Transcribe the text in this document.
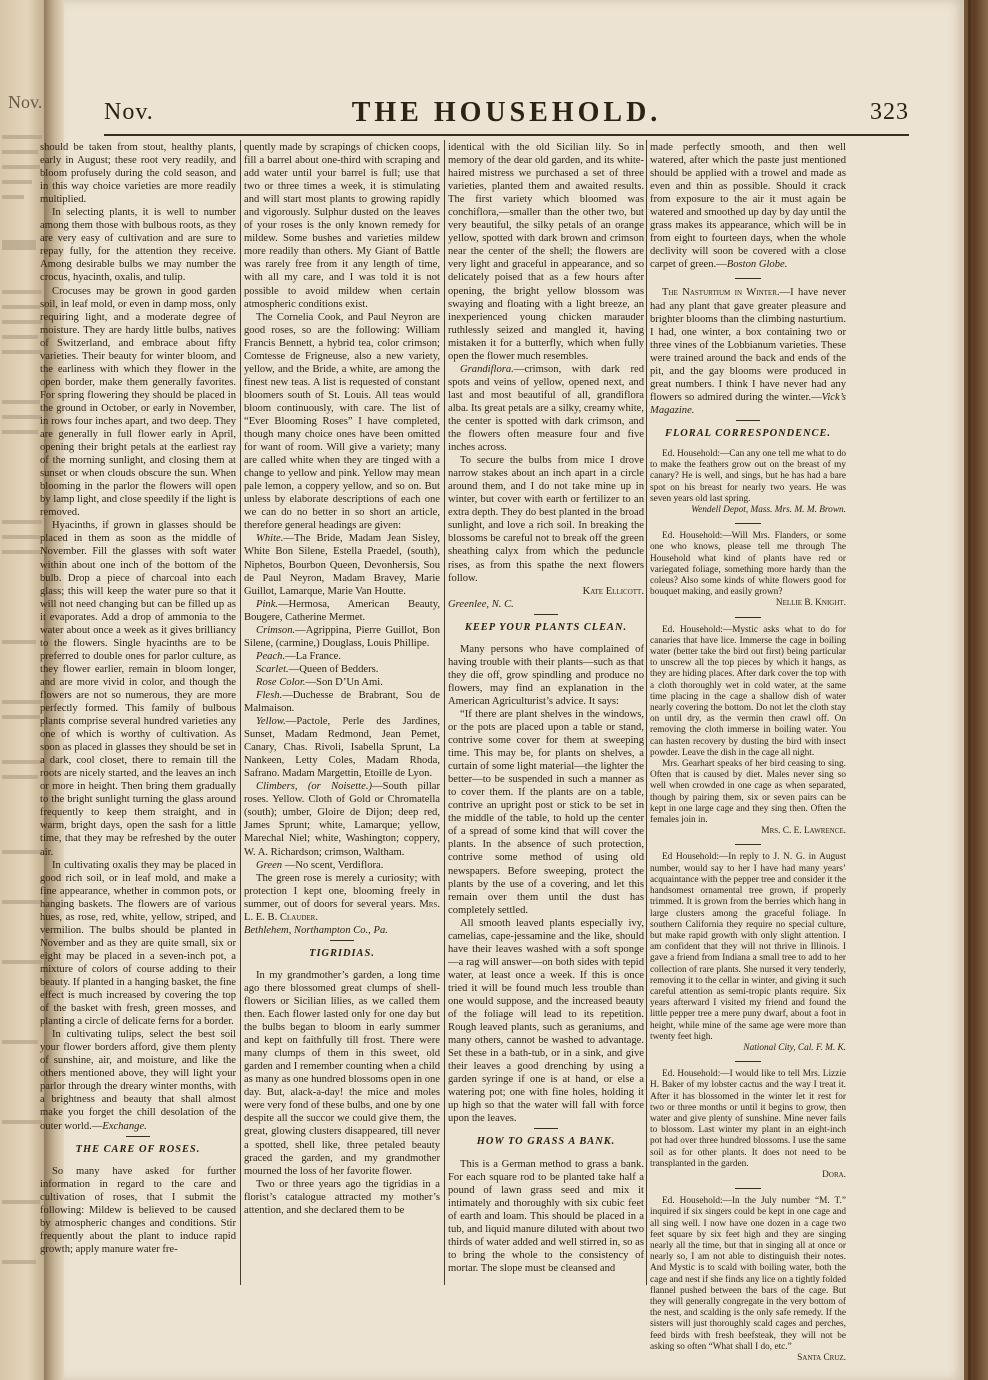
Nov.	Nov.	THE HOUSEHOLD.	323

should be taken from stout, healthy plants, early in August; these root very readily, and bloom profusely during the cold season, and in this way choice varieties are more readily multiplied.

In selecting plants, it is well to number among them those with bulbous roots, as they are very easy of cultivation and are sure to repay fully, for the attention they receive. Among desirable bulbs we may number the crocus, hyacinth, oxalis, and tulip.

Crocuses may be grown in good garden soil, in leaf mold, or even in damp moss, only requiring light, and a moderate degree of moisture. They are hardy little bulbs, natives of Switzerland, and embrace about fifty varieties. Their beauty for winter bloom, and the earliness with which they flower in the open border, make them generally favorites. For spring flowering they should be placed in the ground in October, or early in November, in rows four inches apart, and two deep. They are generally in full flower early in April, opening their bright petals at the earliest ray of the morning sunlight, and closing them at sunset or when clouds obscure the sun. When blooming in the parlor the flowers will open by lamp light, and close speedily if the light is removed.

Hyacinths, if grown in glasses should be placed in them as soon as the middle of November. Fill the glasses with soft water within about one inch of the bottom of the bulb. Drop a piece of charcoal into each glass; this will keep the water pure so that it will not need changing but can be filled up as it evaporates. Add a drop of ammonia to the water about once a week as it gives brilliancy to the flowers. Single hyacinths are to be preferred to double ones for parlor culture, as they flower earlier, remain in bloom longer, and are more vivid in color, and though the flowers are not so numerous, they are more perfectly formed. This family of bulbous plants comprise several hundred varieties any one of which is worthy of cultivation. As soon as placed in glasses they should be set in a dark, cool closet, there to remain till the roots are nicely started, and the leaves an inch or more in height. Then bring them gradually to the bright sunlight turning the glass around frequently to keep them straight, and in warm, bright days, open the sash for a little time, that they may be refreshed by the outer air.

In cultivating oxalis they may be placed in good rich soil, or in leaf mold, and make a fine appearance, whether in common pots, or hanging baskets. The flowers are of various hues, as rose, red, white, yellow, striped, and vermilion. The bulbs should be planted in November and as they are quite small, six or eight may be placed in a seven-inch pot, a mixture of colors of course adding to their beauty. If planted in a hanging basket, the fine effect is much increased by covering the top of the basket with fresh, green mosses, and planting a circle of delicate ferns for a border.

In cultivating tulips, select the best soil your flower borders afford, give them plenty of sunshine, air, and moisture, and like the others mentioned above, they will light your parlor through the dreary winter months, with a brightness and beauty that shall almost make you forget the chill desolation of the outer world.—Exchange.

THE CARE OF ROSES.

So many have asked for further information in regard to the care and cultivation of roses, that I submit the following: Mildew is believed to be caused by atmospheric changes and conditions. Stir frequently about the plant to induce rapid growth; apply manure water fre-

quently made by scrapings of chicken coops, fill a barrel about one-third with scraping and add water until your barrel is full; use that two or three times a week, it is stimulating and will start most plants to growing rapidly and vigorously. Sulphur dusted on the leaves of your roses is the only known remedy for mildew. Some bushes and varieties mildew more readily than others. My Giant of Battle was rarely free from it any length of time, with all my care, and I was told it is not possible to avoid mildew when certain atmospheric conditions exist.

The Cornelia Cook, and Paul Neyron are good roses, so are the following: William Francis Bennett, a hybrid tea, color crimson; Comtesse de Frigneuse, also a new variety, yellow, and the Bride, a white, are among the finest new teas. A list is requested of constant bloomers south of St. Louis. All teas would bloom continuously, with care. The list of “Ever Blooming Roses” I have completed, though many choice ones have been omitted for want of room. Will give a variety; many are called white when they are tinged with a change to yellow and pink. Yellow may mean pale lemon, a coppery yellow, and so on. But unless by elaborate descriptions of each one we can do no better in so short an article, therefore general headings are given:

White.—The Bride, Madam Jean Sisley, White Bon Silene, Estella Praedel, (south), Niphetos, Bourbon Queen, Devonhersis, Sou de Paul Neyron, Madam Bravey, Marie Guillot, Lamarque, Marie Van Houtte.

Pink.—Hermosa, American Beauty, Bougere, Catherine Mermet.

Crimson.—Agrippina, Pierre Guillot, Bon Silene, (carmine,) Douglass, Louis Phillipe.

Peach.—La France.

Scarlet.—Queen of Bedders.

Rose Color.—Son D’Un Ami.

Flesh.—Duchesse de Brabrant, Sou de Malmaison.

Yellow.—Pactole, Perle des Jardines, Sunset, Madam Redmond, Jean Pemet, Canary, Chas. Rivoli, Isabella Sprunt, La Nankeen, Letty Coles, Madam Rhoda, Safrano. Madam Margettin, Etoille de Lyon.

Climbers, (or Noisette.)—South pillar roses. Yellow. Cloth of Gold or Chromatella (south); umber, Gloire de Dijon; deep red, James Sprunt; white, Lamarque; yellow, Marechal Niel; white, Washington; coppery, W. A. Richardson; crimson, Waltham.

Green —No scent, Verdiflora.

The green rose is merely a curiosity; with protection I kept one, blooming freely in summer, out of doors for several years. Mrs. L. E. B. Clauder.

Bethlehem, Northampton Co., Pa.

TIGRIDIAS.

In my grandmother’s garden, a long time ago there blossomed great clumps of shell-flowers or Sicilian lilies, as we called them then. Each flower lasted only for one day but the bulbs began to bloom in early summer and kept on faithfully till frost. There were many clumps of them in this sweet, old garden and I remember counting when a child as many as one hundred blossoms open in one day. But, alack-a-day! the mice and moles were very fond of these bulbs, and one by one despite all the succor we could give them, the great, glowing clusters disappeared, till never a spotted, shell like, three petaled beauty graced the garden, and my grandmother mourned the loss of her favorite flower.

Two or three years ago the tigridias in a florist’s catalogue attracted my mother’s attention, and she declared them to be

identical with the old Sicilian lily. So in memory of the dear old garden, and its white-haired mistress we purchased a set of three varieties, planted them and awaited results. The first variety which bloomed was conchiflora,—smaller than the other two, but very beautiful, the silky petals of an orange yellow, spotted with dark brown and crimson near the center of the shell; the flowers are very light and graceful in appearance, and so delicately poised that as a few hours after opening, the bright yellow blossom was swaying and floating with a light breeze, an inexperienced young chicken marauder ruthlessly seized and mangled it, having mistaken it for a butterfly, which when fully open the flower much resembles.

Grandiflora.—crimson, with dark red spots and veins of yellow, opened next, and last and most beautiful of all, grandiflora alba. Its great petals are a silky, creamy white, the center is spotted with dark crimson, and the flowers often measure four and five inches across.

To secure the bulbs from mice I drove narrow stakes about an inch apart in a circle around them, and I do not take mine up in winter, but cover with earth or fertilizer to an extra depth. They do best planted in the broad sunlight, and love a rich soil. In breaking the blossoms be careful not to break off the green sheathing calyx from which the peduncle rises, as from this spathe the next flowers follow.

Kate Ellicott.

Greenlee, N. C.

KEEP YOUR PLANTS CLEAN.

Many persons who have complained of having trouble with their plants—such as that they die off, grow spindling and produce no flowers, may find an explanation in the American Agriculturist’s advice. It says:

“If there are plant shelves in the windows, or the pots are placed upon a table or stand, contrive some cover for them at sweeping time. This may be, for plants on shelves, a curtain of some light material—the lighter the better—to be suspended in such a manner as to cover them. If the plants are on a table, contrive an upright post or stick to be set in the middle of the table, to hold up the center of a spread of some kind that will cover the plants. In the absence of such protection, contrive some method of using old newspapers. Before sweeping, protect the plants by the use of a covering, and let this remain over them until the dust has completely settled.

All smooth leaved plants especially ivy, camelias, cape-jessamine and the like, should have their leaves washed with a soft sponge—a rag will answer—on both sides with tepid water, at least once a week. If this is once tried it will be found much less trouble than one would suppose, and the increased beauty of the foliage will lead to its repetition. Rough leaved plants, such as geraniums, and many others, cannot be washed to advantage. Set these in a bath-tub, or in a sink, and give their leaves a good drenching by using a garden syringe if one is at hand, or else a watering pot; one with fine holes, holding it up high so that the water will fall with force upon the leaves.

HOW TO GRASS A BANK.

This is a German method to grass a bank. For each square rod to be planted take half a pound of lawn grass seed and mix it intimately and thoroughly with six cubic feet of earth and loam. This should be placed in a tub, and liquid manure diluted with about two thirds of water added and well stirred in, so as to bring the whole to the consistency of mortar. The slope must be cleansed and

made perfectly smooth, and then well watered, after which the paste just mentioned should be applied with a trowel and made as even and thin as possible. Should it crack from exposure to the air it must again be watered and smoothed up day by day until the grass makes its appearance, which will be in from eight to fourteen days, when the whole declivity will soon be covered with a close carpet of green.—Boston Globe.

The Nasturtium in Winter.—I have never had any plant that gave greater pleasure and brighter blooms than the climbing nasturtium. I had, one winter, a box containing two or three vines of the Lobbianum varieties. These were trained around the back and ends of the pit, and the gay blooms were produced in great numbers. I think I have never had any flowers so admired during the winter.—Vick’s Magazine.

FLORAL CORRESPONDENCE.

Ed. Household:—Can any one tell me what to do to make the feathers grow out on the breast of my canary? He is well, and sings, but he has had a bare spot on his breast for nearly two years. He was seven years old last spring.

Wendell Depot, Mass. Mrs. M. M. Brown.

Ed. Household:—Will Mrs. Flanders, or some one who knows, please tell me through The Household what kind of plants have red or variegated foliage, something more hardy than the coleus? Also some kinds of white flowers good for bouquet making, and easily grown?

Nellie B. Knight.

Ed. Household:—Mystic asks what to do for canaries that have lice. Immerse the cage in boiling water (better take the bird out first) being particular to unscrew all the top pieces by which it hangs, as they are hiding places. After dark cover the top with a cloth thoroughly wet in cold water, at the same time placing in the cage a shallow dish of water nearly covering the bottom. Do not let the cloth stay on until dry, as the vermin then crawl off. On removing the cloth immerse in boiling water. You can hasten recovery by dusting the bird with insect powder. Leave the dish in the cage all night.

Mrs. Gearhart speaks of her bird ceasing to sing. Often that is caused by diet. Males never sing so well when crowded in one cage as when separated, though by pairing them, six or seven pairs can be kept in one large cage and they sing then. Often the females join in.

Mrs. C. E. Lawrence.

Ed Household:—In reply to J. N. G. in August number, would say to her I have had many years’ acquaintance with the pepper tree and consider it the handsomest ornamental tree grown, if properly trimmed. It is grown from the berries which hang in large clusters among the graceful foliage. In southern California they require no special culture, but make rapid growth with only slight attention. I am confident that they will not thrive in Illinois. I gave a friend from Indiana a small tree to add to her collection of rare plants. She nursed it very tenderly, removing it to the cellar in winter, and giving it such careful attention as semi-tropic plants require. Six years afterward I visited my friend and found the little pepper tree a mere puny dwarf, about a foot in height, while mine of the same age were more than twenty feet high.

National City, Cal. F. M. K.

Ed. Household:—I would like to tell Mrs. Lizzie H. Baker of my lobster cactus and the way I treat it. After it has blossomed in the winter let it rest for two or three months or until it begins to grow, then water and give plenty of sunshine. Mine never fails to blossom. Last winter my plant in an eight-inch pot had over three hundred blossoms. I use the same soil as for other plants. It does not need to be transplanted in the garden.

Dora.

Ed. Household:—In the July number “M. T.” inquired if six singers could be kept in one cage and all sing well. I now have one dozen in a cage two feet square by six feet high and they are singing nearly all the time, but that in singing all at once or nearly so, I am not able to distinguish their notes. And Mystic is to scald with boiling water, both the cage and nest if she finds any lice on a tightly folded flannel pushed between the bars of the cage. But they will generally congregate in the very bottom of the nest, and scalding is the only safe remedy. If the sisters will just thoroughly scald cages and perches, feed birds with fresh beefsteak, they will not be asking so often “What shall I do, etc.”

Santa Cruz.
